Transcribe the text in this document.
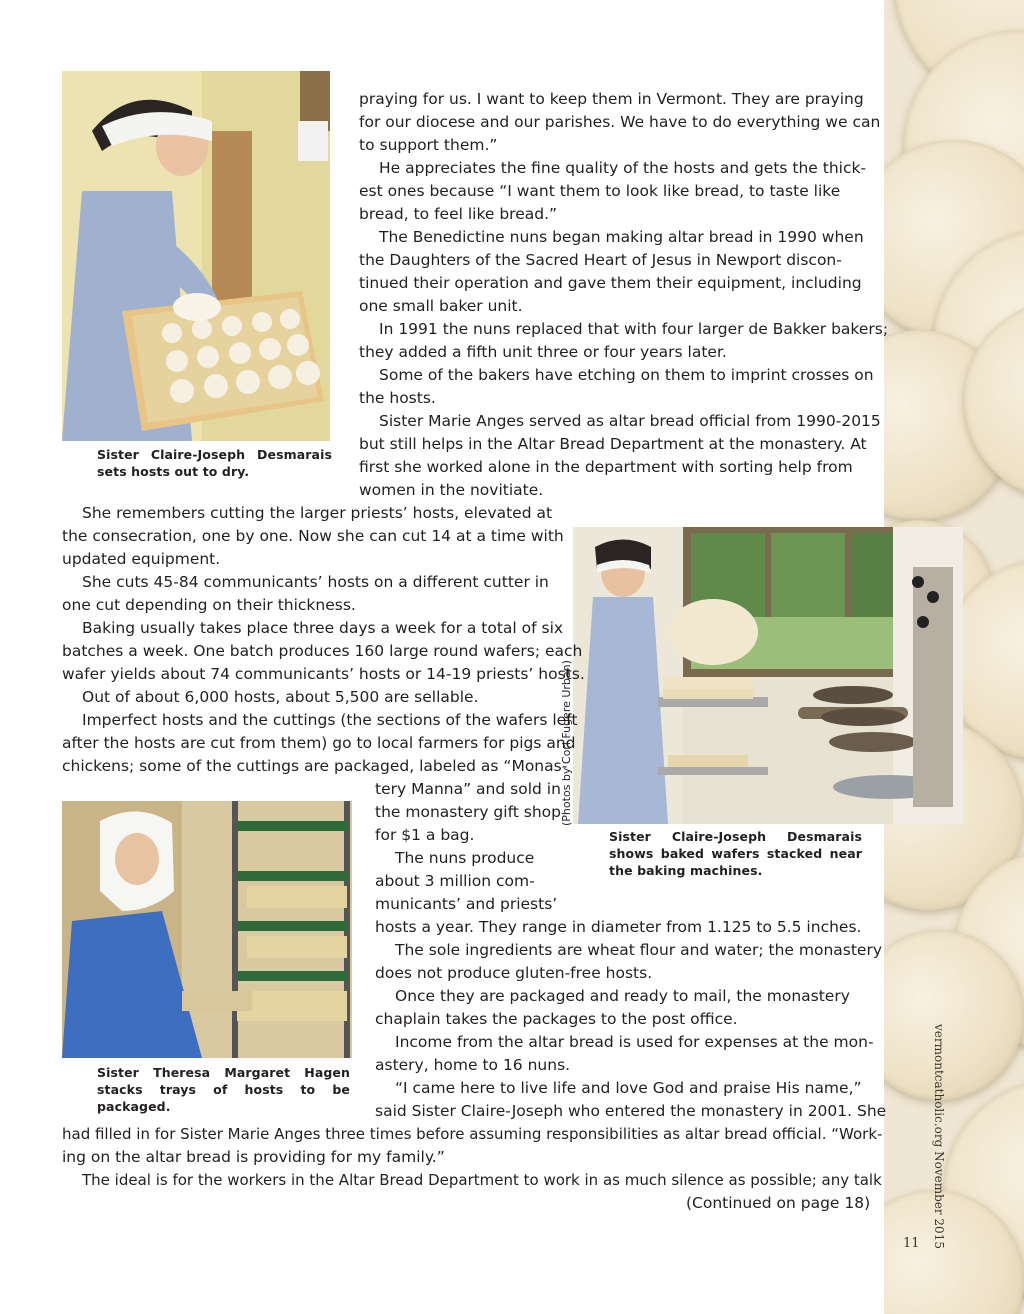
Sister Claire-Joseph Desmarais sets hosts out to dry.
(Photos by Cori Fugere Urban)
Sister Claire-Joseph Desmarais shows baked wafers stacked near the baking machines.
Sister Theresa Margaret Hagen stacks trays of hosts to be packaged.
praying for us. I want to keep them in Vermont. They are praying
for our diocese and our parishes. We have to do everything we can
to support them.”
He appreciates the fine quality of the hosts and gets the thick-
est ones because “I want them to look like bread, to taste like
bread, to feel like bread.”
The Benedictine nuns began making altar bread in 1990 when
the Daughters of the Sacred Heart of Jesus in Newport discon-
tinued their operation and gave them their equipment, including
one small baker unit.
In 1991 the nuns replaced that with four larger de Bakker bakers;
they added a fifth unit three or four years later.
Some of the bakers have etching on them to imprint crosses on
the hosts.
Sister Marie Anges served as altar bread official from 1990-2015
but still helps in the Altar Bread Department at the monastery. At
first she worked alone in the department with sorting help from
women in the novitiate.
She remembers cutting the larger priests’ hosts, elevated at
the consecration, one by one. Now she can cut 14 at a time with
updated equipment.
She cuts 45-84 communicants’ hosts on a different cutter in
one cut depending on their thickness.
Baking usually takes place three days a week for a total of six
batches a week. One batch produces 160 large round wafers; each
wafer yields about 74 communicants’ hosts or 14-19 priests’ hosts.
Out of about 6,000 hosts, about 5,500 are sellable.
Imperfect hosts and the cuttings (the sections of the wafers left
after the hosts are cut from them) go to local farmers for pigs and
chickens; some of the cuttings are packaged, labeled as “Monas-
tery Manna” and sold in
the monastery gift shop
for $1 a bag.
The nuns produce
about 3 million com-
municants’ and priests’
hosts a year. They range in diameter from 1.125 to 5.5 inches.
The sole ingredients are wheat flour and water; the monastery
does not produce gluten-free hosts.
Once they are packaged and ready to mail, the monastery
chaplain takes the packages to the post office.
Income from the altar bread is used for expenses at the mon-
astery, home to 16 nuns.
“I came here to live life and love God and praise His name,”
said Sister Claire-Joseph who entered the monastery in 2001. She
had filled in for Sister Marie Anges three times before assuming responsibilities as altar bread official. “Work-
ing on the altar bread is providing for my family.”
The ideal is for the workers in the Altar Bread Department to work in as much silence as possible; any talk
(Continued on page 18)	vermontcatholic.org November 2015
11
